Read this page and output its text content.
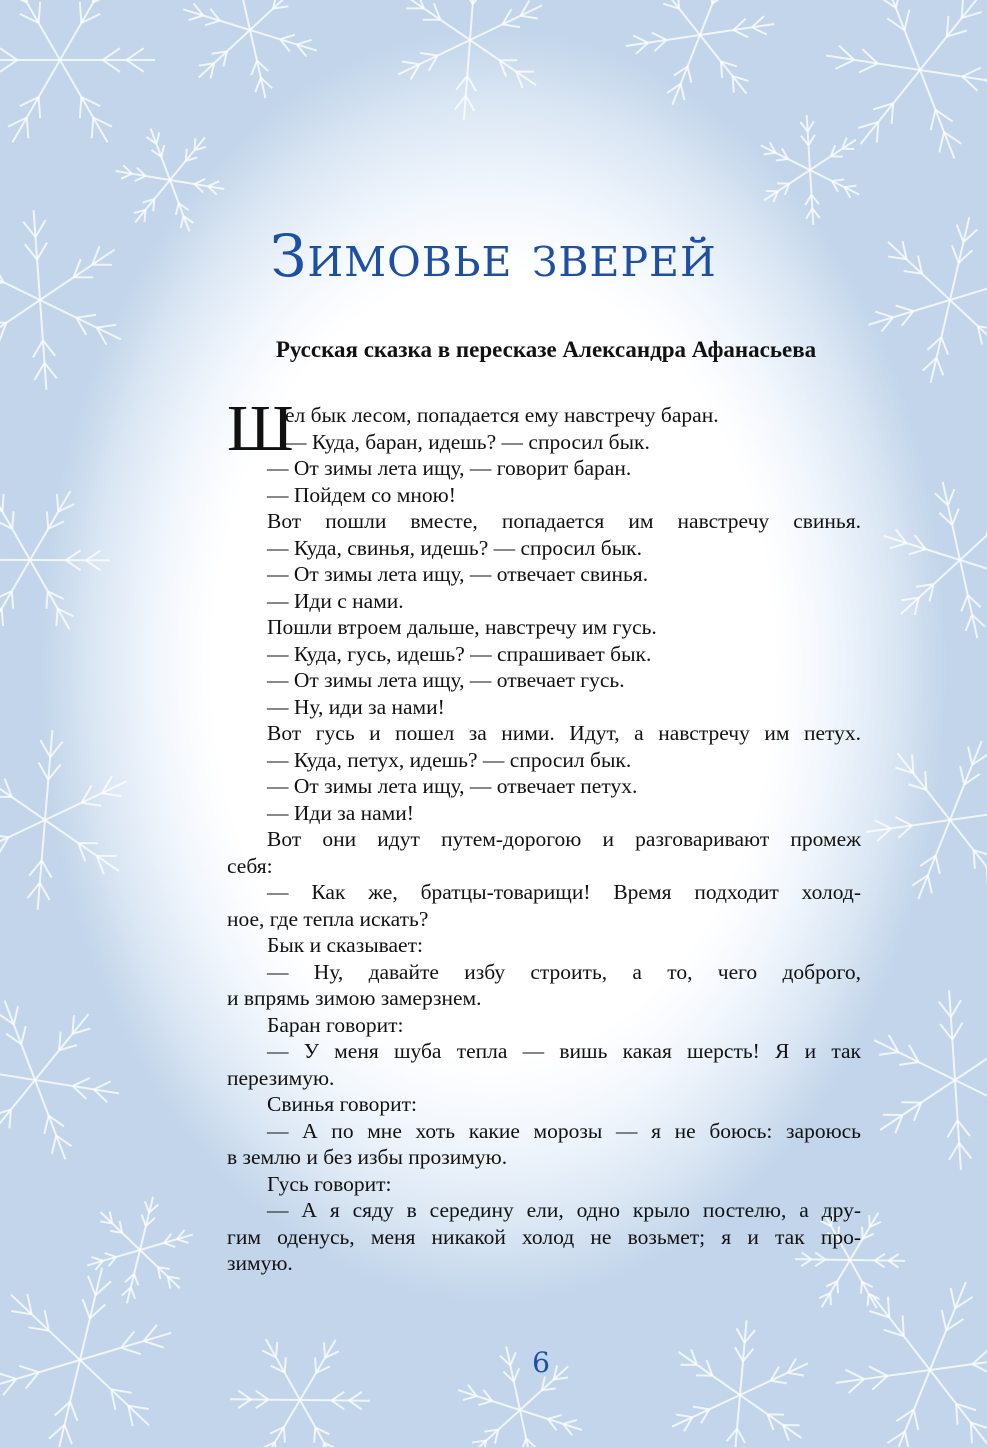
Зимовье зверей
Русская сказка в пересказе Александра Афанасьева
Ш
ел бык лесом, попадается ему навстречу баран.
— Куда, баран, идешь? — спросил бык.
— От зимы лета ищу, — говорит баран.
— Пойдем со мною!
Вот пошли вместе, попадается им навстречу свинья.
— Куда, свинья, идешь? — спросил бык.
— От зимы лета ищу, — отвечает свинья.
— Иди с нами.
Пошли втроем дальше, навстречу им гусь.
— Куда, гусь, идешь? — спрашивает бык.
— От зимы лета ищу, — отвечает гусь.
— Ну, иди за нами!
Вот гусь и пошел за ними. Идут, а навстречу им петух.
— Куда, петух, идешь? — спросил бык.
— От зимы лета ищу, — отвечает петух.
— Иди за нами!
Вот они идут путем-дорогою и разговаривают промеж
себя:
— Как же, братцы-товарищи! Время подходит холод-
ное, где тепла искать?
Бык и сказывает:
— Ну, давайте избу строить, а то, чего доброго,
и впрямь зимою замерзнем.
Баран говорит:
— У меня шуба тепла — вишь какая шерсть! Я и так
перезимую.
Свинья говорит:
— А по мне хоть какие морозы — я не боюсь: зароюсь
в землю и без избы прозимую.
Гусь говорит:
— А я сяду в середину ели, одно крыло постелю, а дру-
гим оденусь, меня никакой холод не возьмет; я и так про-
зимую.
6
